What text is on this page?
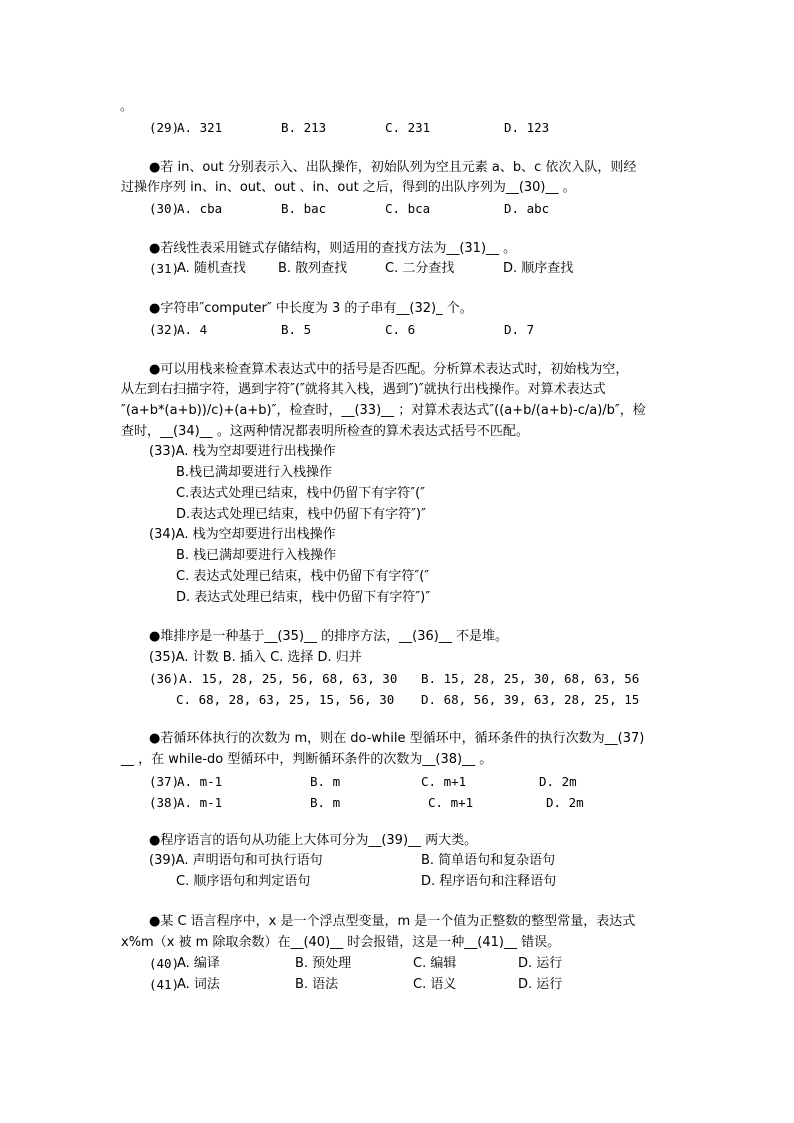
。
(29)
A. 321	B. 213	C. 231	D. 123
●若 in、out 分别表示入、出队操作，初始队列为空且元素 a、b、c 依次入队，则经
过操作序列 in、in、out、out 、in、out 之后，得到的出队序列为__(30)__ 。
(30)
A. cba	B. bac	C. bca	D. abc
●若线性表采用链式存储结构，则适用的查找方法为__(31)__ 。
(31)
A. 随机查找 B. 散列查找	C. 二分查找	D. 顺序查找
●字符串″computer″ 中长度为 3 的子串有__(32)_ 个。
(32)
A. 4	B. 5	C. 6	D. 7
●可以用栈来检查算术表达式中的括号是否匹配。分析算术表达式时，初始栈为空，
从左到右扫描字符，遇到字符″(″就将其入栈，遇到″)″就执行出栈操作。对算术表达式
″(a+b*(a+b))/c)+(a+b)″，检查时，__(33)__ ；对算术表达式″((a+b/(a+b)-c/a)/b″，检
查时，__(34)__ 。这两种情况都表明所检查的算术表达式括号不匹配。
(33)A. 栈为空却要进行出栈操作
B.栈已满却要进行入栈操作
C.表达式处理已结束，栈中仍留下有字符″(″
D.表达式处理已结束，栈中仍留下有字符″)″
(34)A. 栈为空却要进行出栈操作
B. 栈已满却要进行入栈操作
C. 表达式处理已结束，栈中仍留下有字符″(″
D. 表达式处理已结束，栈中仍留下有字符″)″
●堆排序是一种基于__(35)__ 的排序方法，__(36)__ 不是堆。
(35)A. 计数 B. 插入 C. 选择 D. 归并
(36)A. 15, 28, 25, 56, 68, 63, 30 B. 15, 28, 25, 30, 68, 63, 56
C. 68, 28, 63, 25, 15, 56, 30 D. 68, 56, 39, 63, 28, 25, 15
●若循环体执行的次数为 m，则在 do-while 型循环中，循环条件的执行次数为__(37)
__ ，在 while-do 型循环中，判断循环条件的次数为__(38)__ 。
(37)
A. m-1	B. m	C. m+1	D. 2m
(38)
A. m-1	B. m	C. m+1	D. 2m
●程序语言的语句从功能上大体可分为__(39)__ 两大类。
(39)A. 声明语句和可执行语句	B. 简单语句和复杂语句
C. 顺序语句和判定语句	D. 程序语句和注释语句
●某 C 语言程序中，x 是一个浮点型变量，m 是一个值为正整数的整型常量，表达式
x%m（x 被 m 除取余数）在__(40)__ 时会报错，这是一种__(41)__ 错误。
(40)
A. 编译	B. 预处理	C. 编辑	D. 运行
(41)
A. 词法	B. 语法	C. 语义	D. 运行
